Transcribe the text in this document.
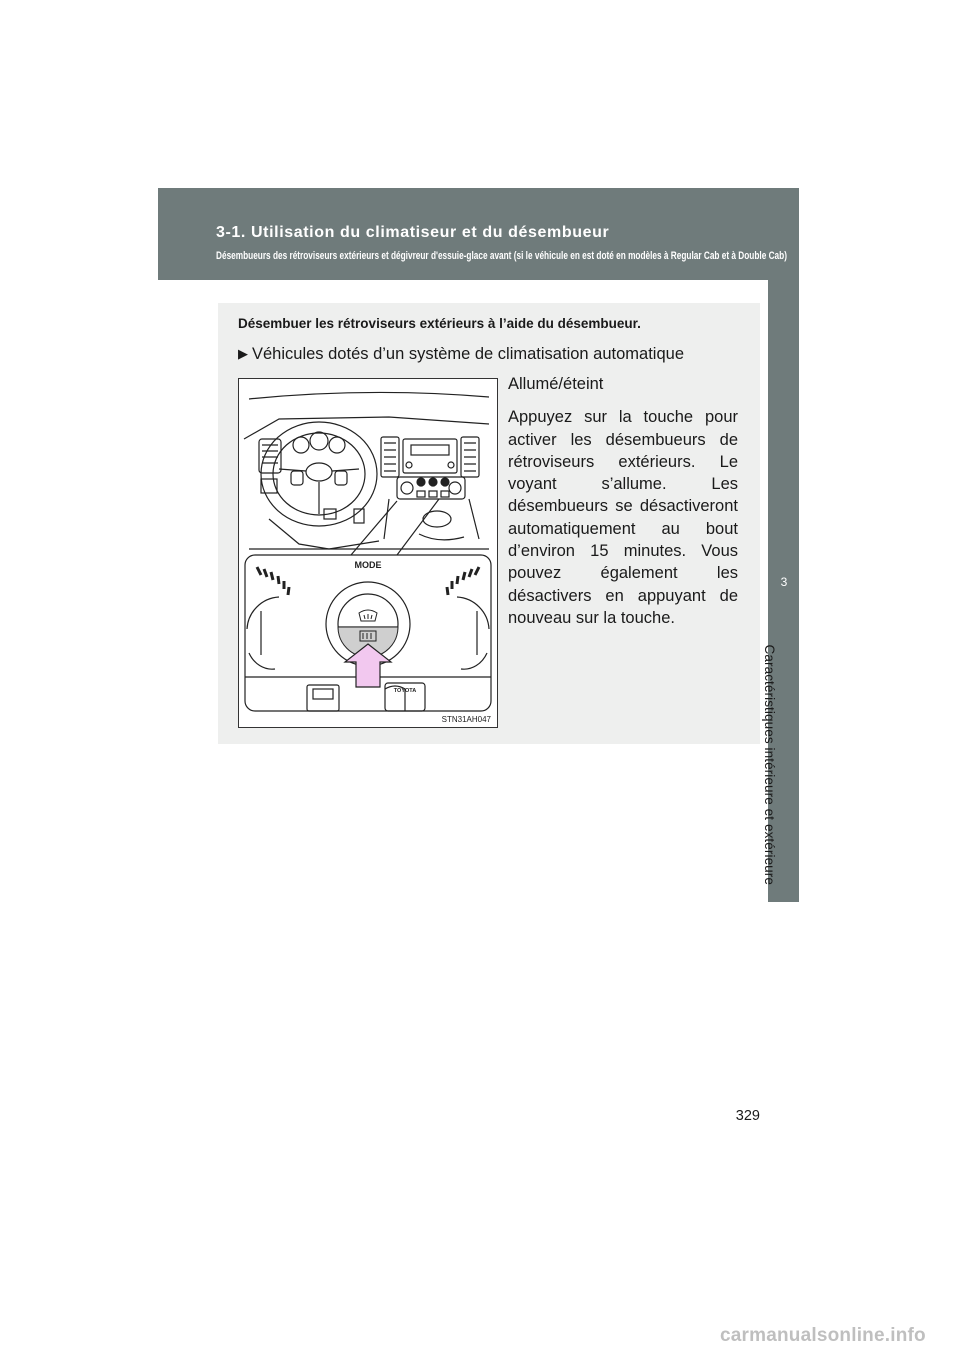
3-1. Utilisation du climatiseur et du désembueur
Désembueurs des rétroviseurs extérieurs et dégivreur d'essuie-glace avant (si le véhicule en est doté en modèles à Regular Cab et à Double Cab)
3
Caractéristiques intérieure et extérieure
Désembuer les rétroviseurs extérieurs à l’aide du désembueur.
▶ Véhicules dotés d’un système de climatisation automatique
MODE
TOYOTA
STN31AH047
Allumé/éteint
Appuyez sur la touche pour activer les désembueurs de rétroviseurs extérieurs. Le voyant s’allume. Les désembueurs se désactiveront automatiquement au bout d’environ 15 minutes. Vous pouvez également les désactivers en appuyant de nouveau sur la touche.
329
carmanualsonline.info
